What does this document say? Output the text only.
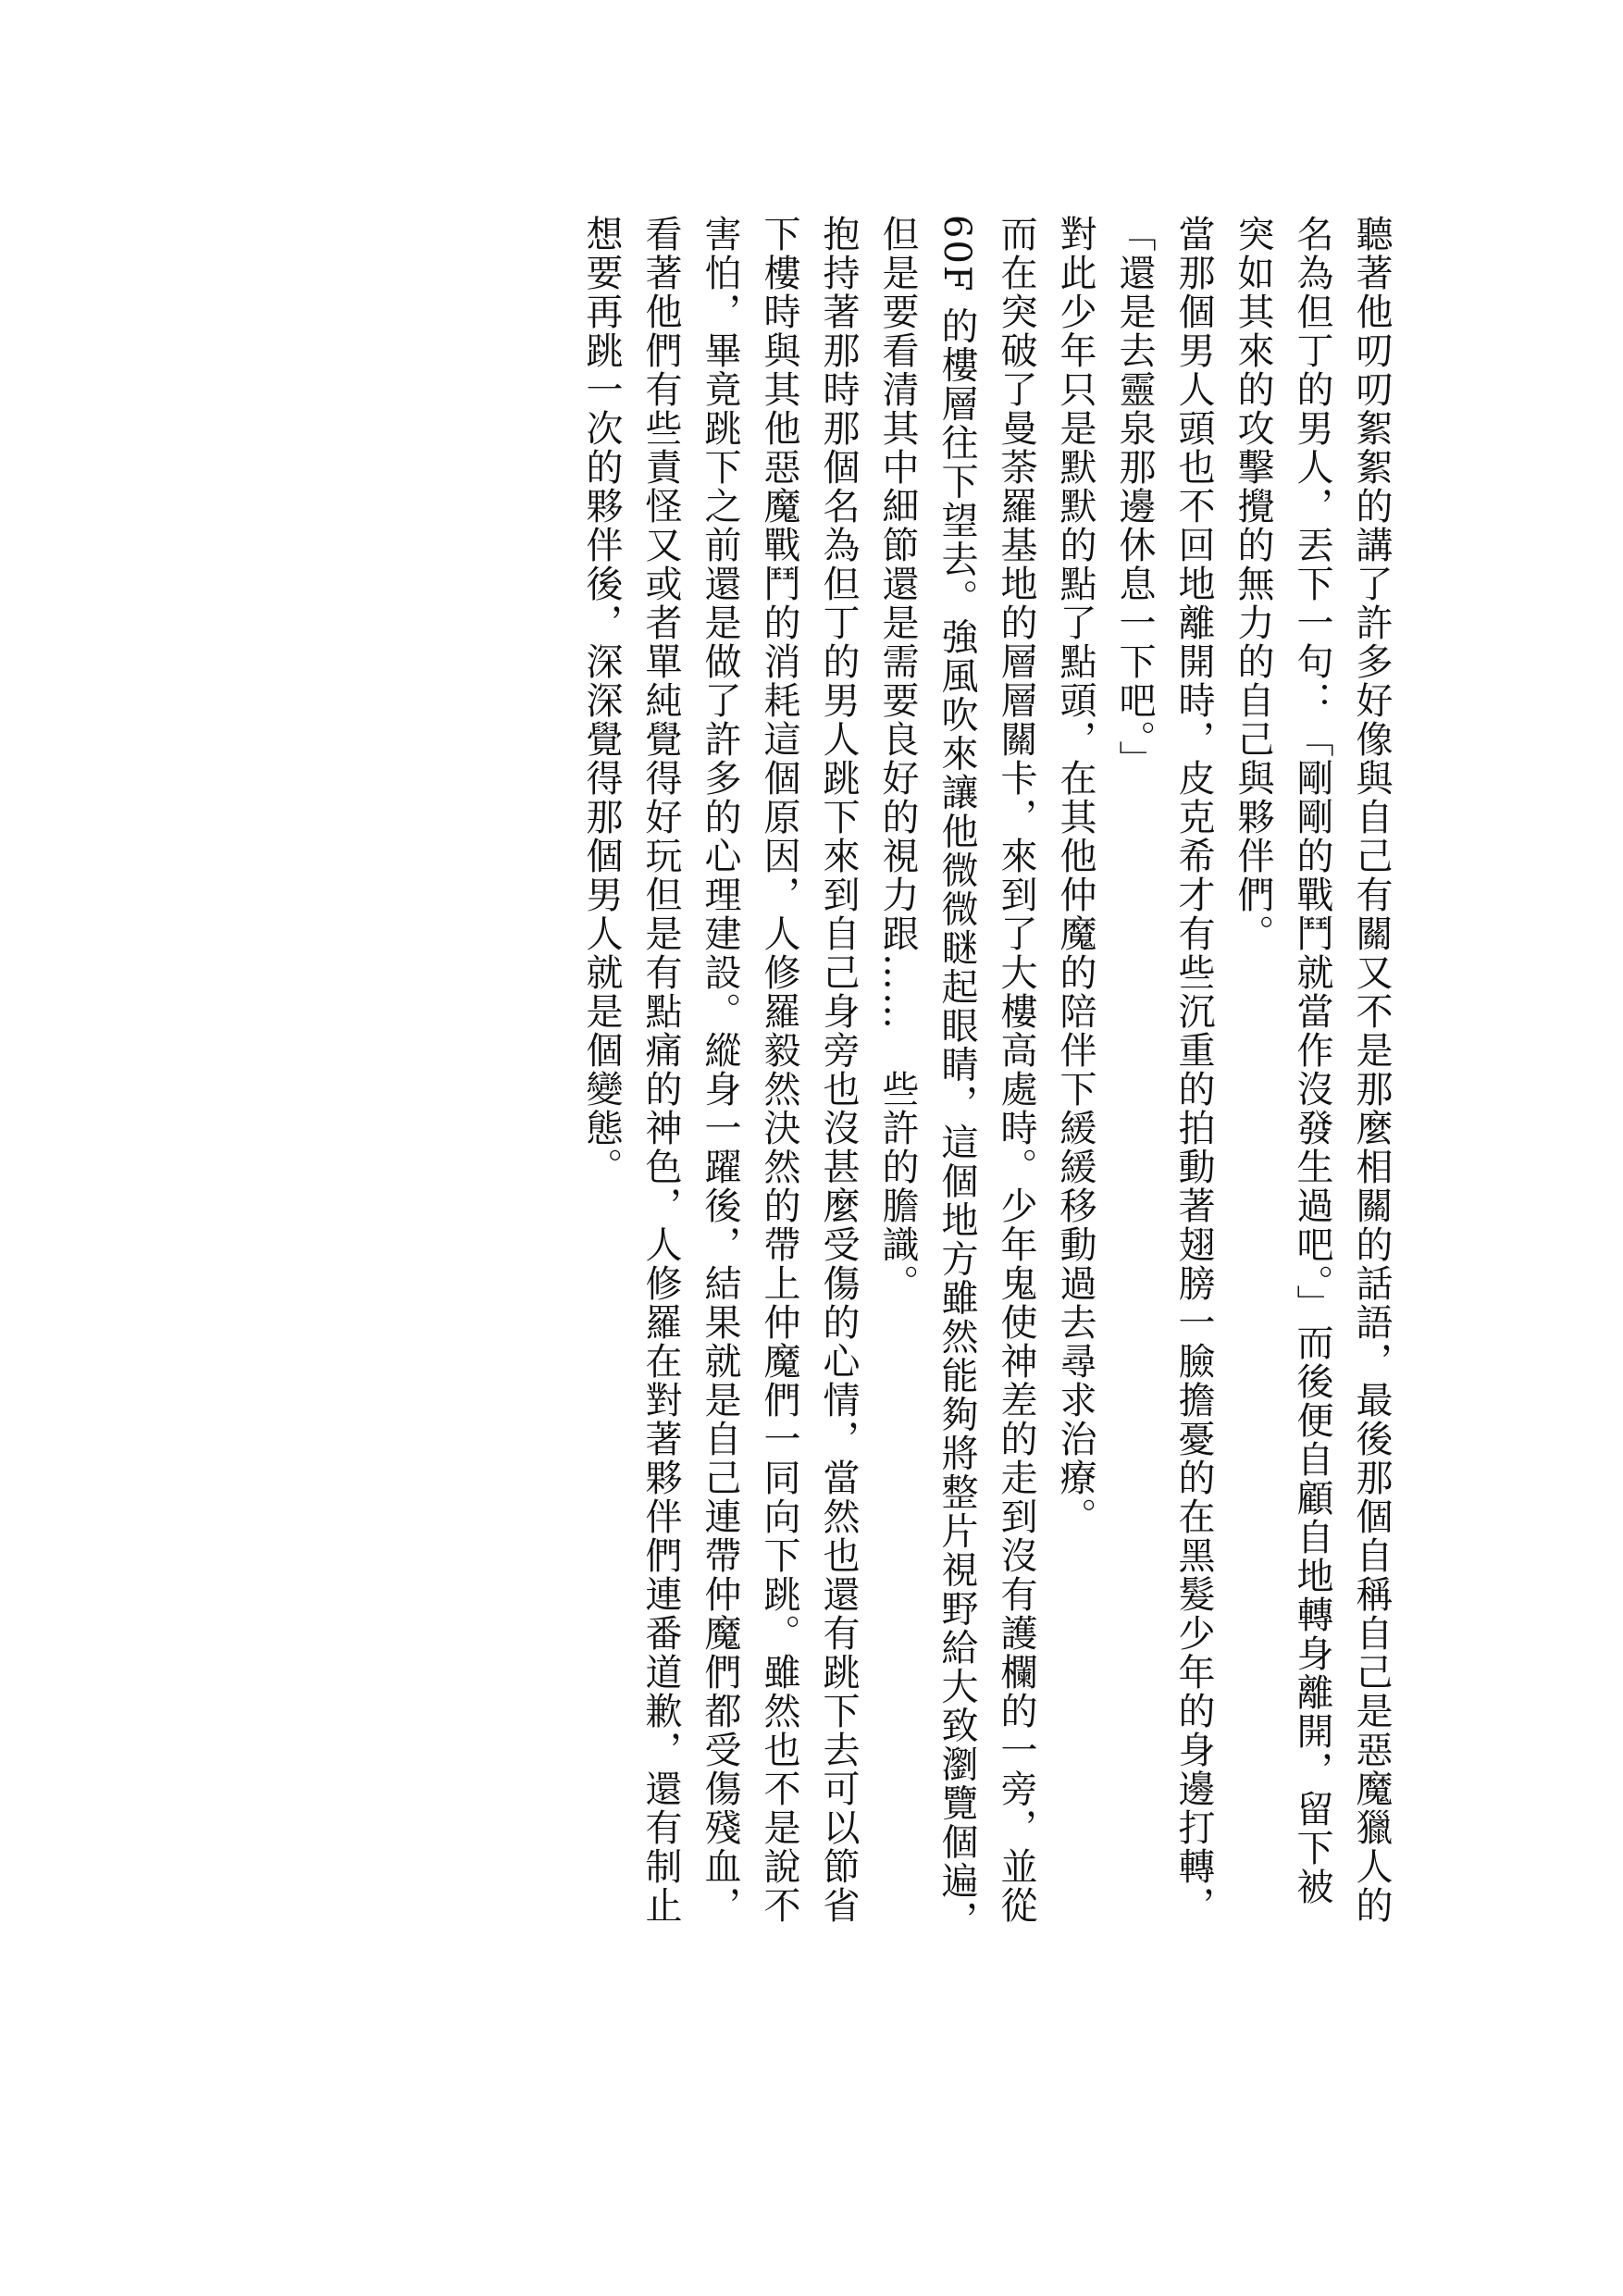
聽著他叨叨絮絮的講了許多好像與自己有關又不是那麼相關的話語，最後那個自稱自己是惡魔獵人的
名為但丁的男人，丟下一句：「剛剛的戰鬥就當作沒發生過吧。」而後便自顧自地轉身離開，留下被
突如其來的攻擊攪的無力的自己與夥伴們。
當那個男人頭也不回地離開時，皮克希才有些沉重的拍動著翅膀一臉擔憂的在黑髮少年的身邊打轉，
「還是去靈泉那邊休息一下吧。」
對此少年只是默默的點了點頭，在其他仲魔的陪伴下緩緩移動過去尋求治療。
而在突破了曼荼羅基地的層層關卡，來到了大樓高處時。少年鬼使神差的走到沒有護欄的一旁，並從
60F 的樓層往下望去。強風吹來讓他微微瞇起眼睛，這個地方雖然能夠將整片視野給大致瀏覽個遍，
但是要看清其中細節還是需要良好的視力跟……　些許的膽識。
抱持著那時那個名為但丁的男人跳下來到自己身旁也沒甚麼受傷的心情，當然也還有跳下去可以節省
下樓時與其他惡魔戰鬥的消耗這個原因，人修羅毅然決然的帶上仲魔們一同向下跳。雖然也不是說不
害怕，畢竟跳下之前還是做了許多的心理建設。縱身一躍後，結果就是自己連帶仲魔們都受傷殘血，
看著他們有些責怪又或者單純覺得好玩但是有點痛的神色，人修羅在對著夥伴們連番道歉，還有制止
想要再跳一次的夥伴後，深深覺得那個男人就是個變態。
